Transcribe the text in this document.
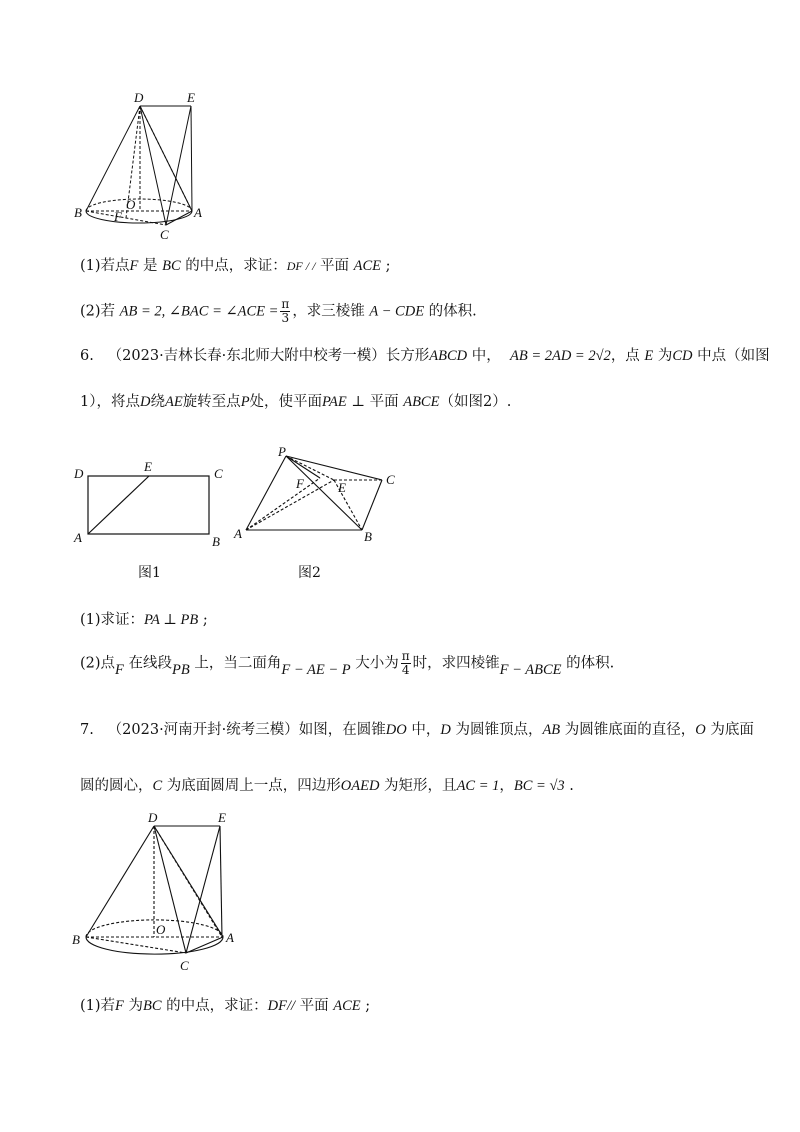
D	E
B
O
F	A
C
(1)若点F 是 BC 的中点，求证：DF / / 平面 ACE ;
(2)若 AB = 2, ∠BAC = ∠ACE = $\frac{\pi}{3}$ ，求三棱锥 A − CDE 的体积.
6. （2023·吉林长春·东北师大附中校考一模）长方形ABCD 中， AB = 2AD = 2√2，点 E 为CD 中点（如图
1），将点D绕AE旋转至点P处，使平面PAE ⊥ 平面 ABCE（如图2）.
D	E	C
A	B
P
F	E
C
A	B
图1	图2
(1)求证：PA ⊥ PB ;
(2)点F 在线段PB 上，当二面角F − AE − P 大小为 $\frac{\pi}{4}$ 时，求四棱锥F − ABCE 的体积.
7. （2023·河南开封·统考三模）如图，在圆锥DO 中，D 为圆锥顶点，AB 为圆锥底面的直径，O 为底面
圆的圆心，C 为底面圆周上一点，四边形OAED 为矩形，且AC = 1，BC = √3 .
D	E
B
O
A
C
(1)若F 为BC 的中点，求证：DF// 平面 ACE ;
